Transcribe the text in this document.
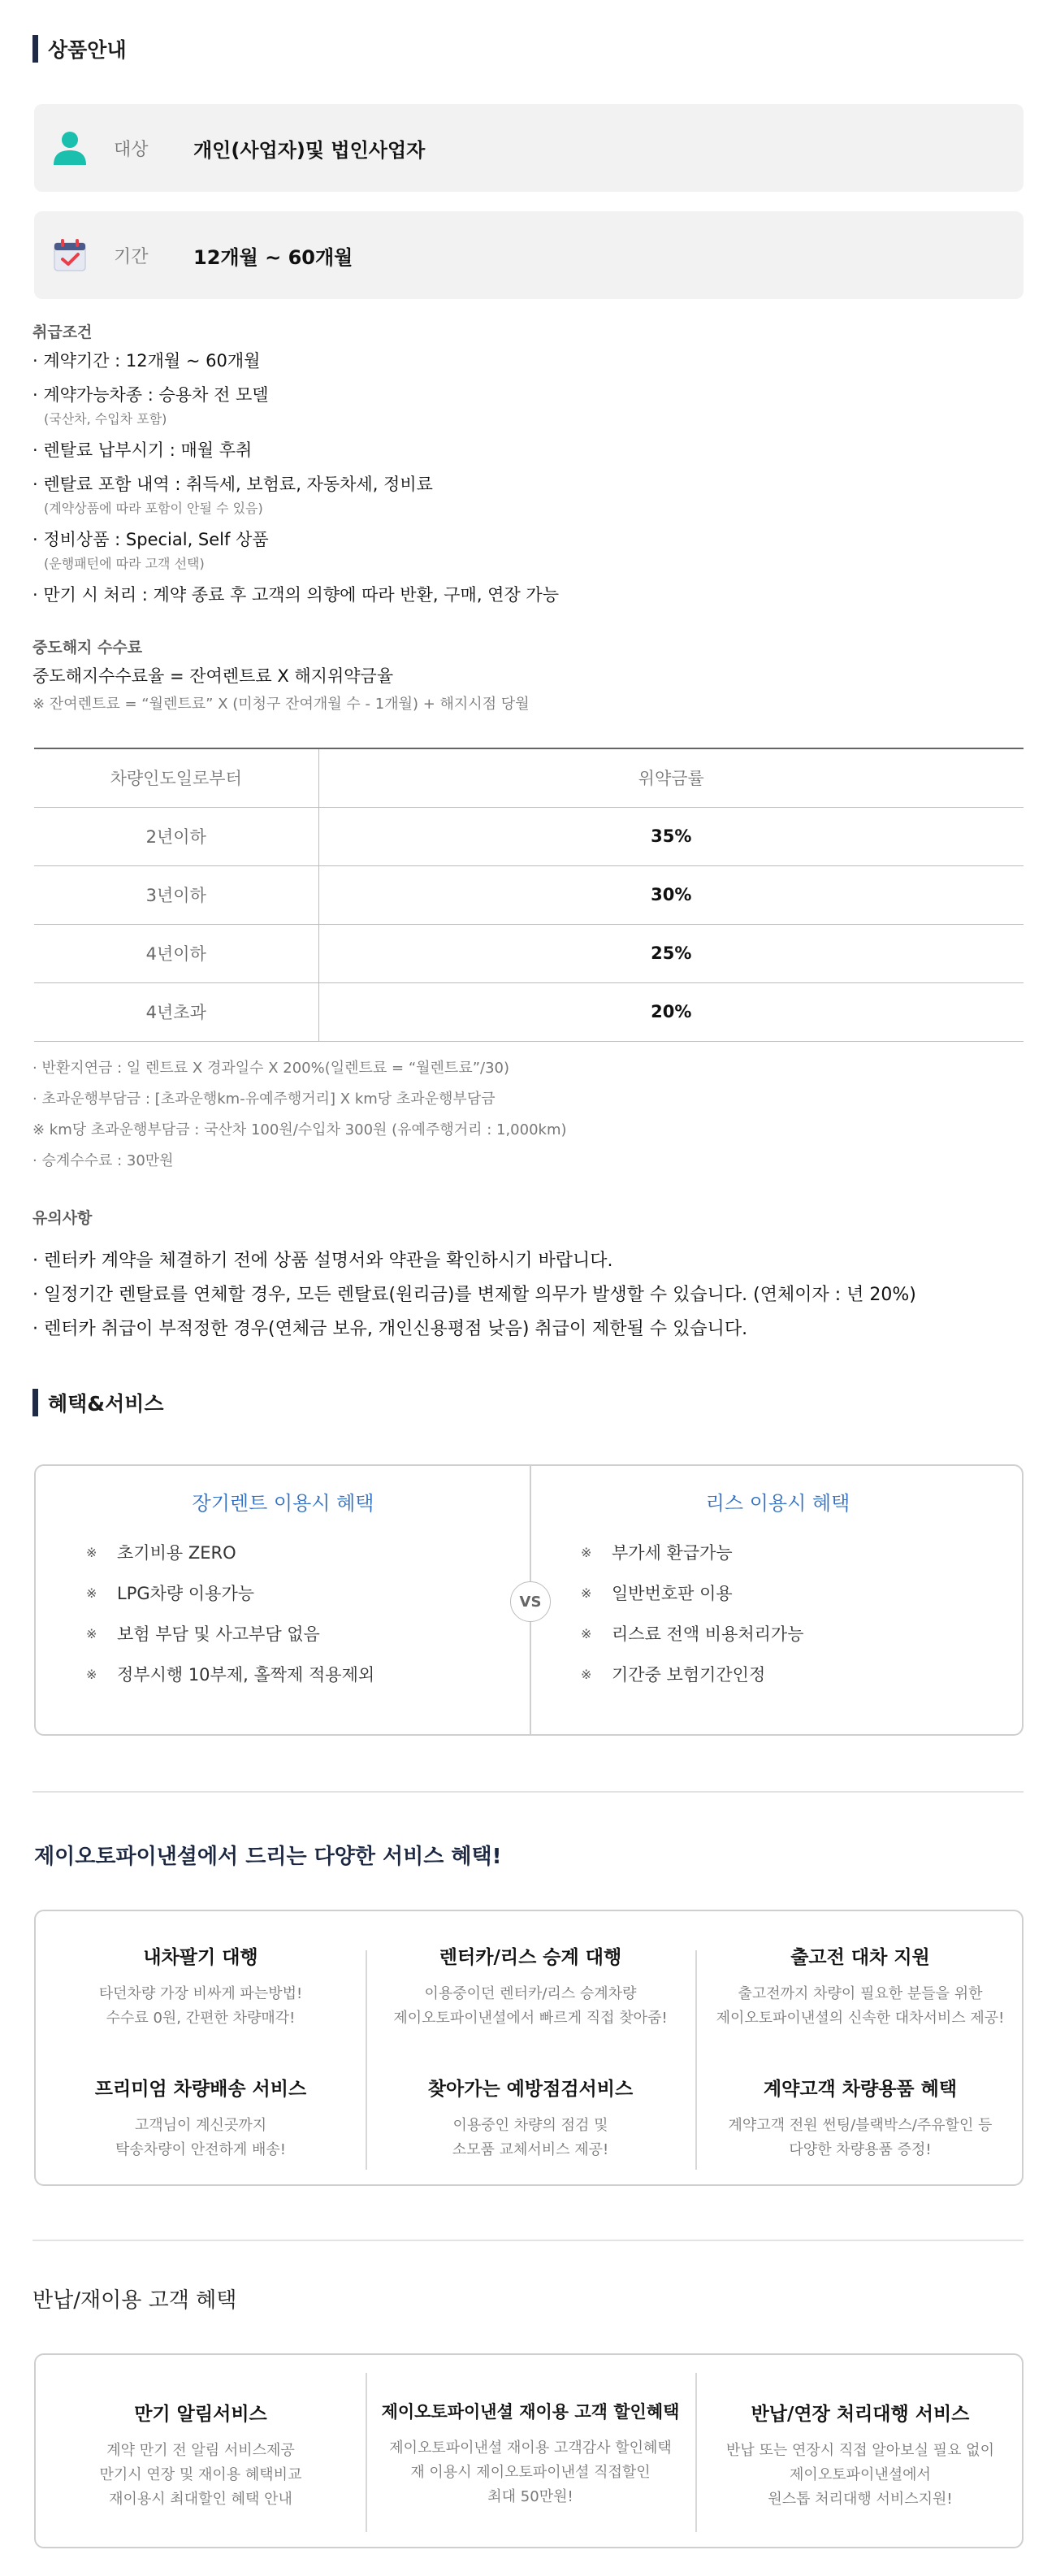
상품안내
대상	개인(사업자)및 법인사업자
기간	12개월 ~ 60개월
취급조건
· 계약기간 : 12개월 ~ 60개월
· 계약가능차종 : 승용차 전 모델
(국산차, 수입차 포함)
· 렌탈료 납부시기 : 매월 후취
· 렌탈료 포함 내역 : 취득세, 보험료, 자동차세, 정비료
(계약상품에 따라 포함이 안될 수 있음)
· 정비상품 : Special, Self 상품
(운행패턴에 따라 고객 선택)
· 만기 시 처리 : 계약 종료 후 고객의 의향에 따라 반환, 구매, 연장 가능
중도해지 수수료
중도해지수수료율 = 잔여렌트료 X 해지위약금율
※ 잔여렌트료 = “월렌트료” X (미청구 잔여개월 수 - 1개월) + 해지시점 당월
차량인도일로부터	위약금률
2년이하	35%
3년이하	30%
4년이하	25%
4년초과	20%
· 반환지연금 : 일 렌트료 X 경과일수 X 200%(일렌트료 = “월렌트료”/30)
· 초과운행부담금 : [초과운행km-유예주행거리] X km당 초과운행부담금
※ km당 초과운행부담금 : 국산차 100원/수입차 300원 (유예주행거리 : 1,000km)
· 승계수수료 : 30만원
유의사항
· 렌터카 계약을 체결하기 전에 상품 설명서와 약관을 확인하시기 바랍니다.
· 일정기간 렌탈료를 연체할 경우, 모든 렌탈료(원리금)를 변제할 의무가 발생할 수 있습니다. (연체이자 : 년 20%)
· 렌터카 취급이 부적정한 경우(연체금 보유, 개인신용평점 낮음) 취급이 제한될 수 있습니다.
혜택&서비스
장기렌트 이용시 혜택
※	초기비용 ZERO
※	LPG차량 이용가능
※	보험 부담 및 사고부담 없음
※	정부시행 10부제, 홀짝제 적용제외
리스 이용시 혜택
※	부가세 환급가능
※	일반번호판 이용
※	리스료 전액 비용처리가능
※	기간중 보험기간인정
VS
제이오토파이낸셜에서 드리는 다양한 서비스 혜택!
내차팔기 대행
타던차량 가장 비싸게 파는방법!
수수료 0원, 간편한 차량매각!
렌터카/리스 승계 대행
이용중이던 렌터카/리스 승계차량
제이오토파이낸셜에서 빠르게 직접 찾아줌!
출고전 대차 지원
출고전까지 차량이 필요한 분들을 위한
제이오토파이낸셜의 신속한 대차서비스 제공!
프리미엄 차량배송 서비스
고객님이 계신곳까지
탁송차량이 안전하게 배송!
찾아가는 예방점검서비스
이용중인 차량의 점검 및
소모품 교체서비스 제공!
계약고객 차량용품 혜택
계약고객 전원 썬팅/블랙박스/주유할인 등
다양한 차량용품 증정!
반납/재이용 고객 혜택
만기 알림서비스
계약 만기 전 알림 서비스제공
만기시 연장 및 재이용 혜택비교
재이용시 최대할인 혜택 안내
제이오토파이낸셜 재이용 고객 할인혜택
제이오토파이낸셜 재이용 고객감사 할인혜택
재 이용시 제이오토파이낸셜 직접할인
최대 50만원!
반납/연장 처리대행 서비스
반납 또는 연장시 직접 알아보실 필요 없이
제이오토파이낸셜에서
원스톱 처리대행 서비스지원!
